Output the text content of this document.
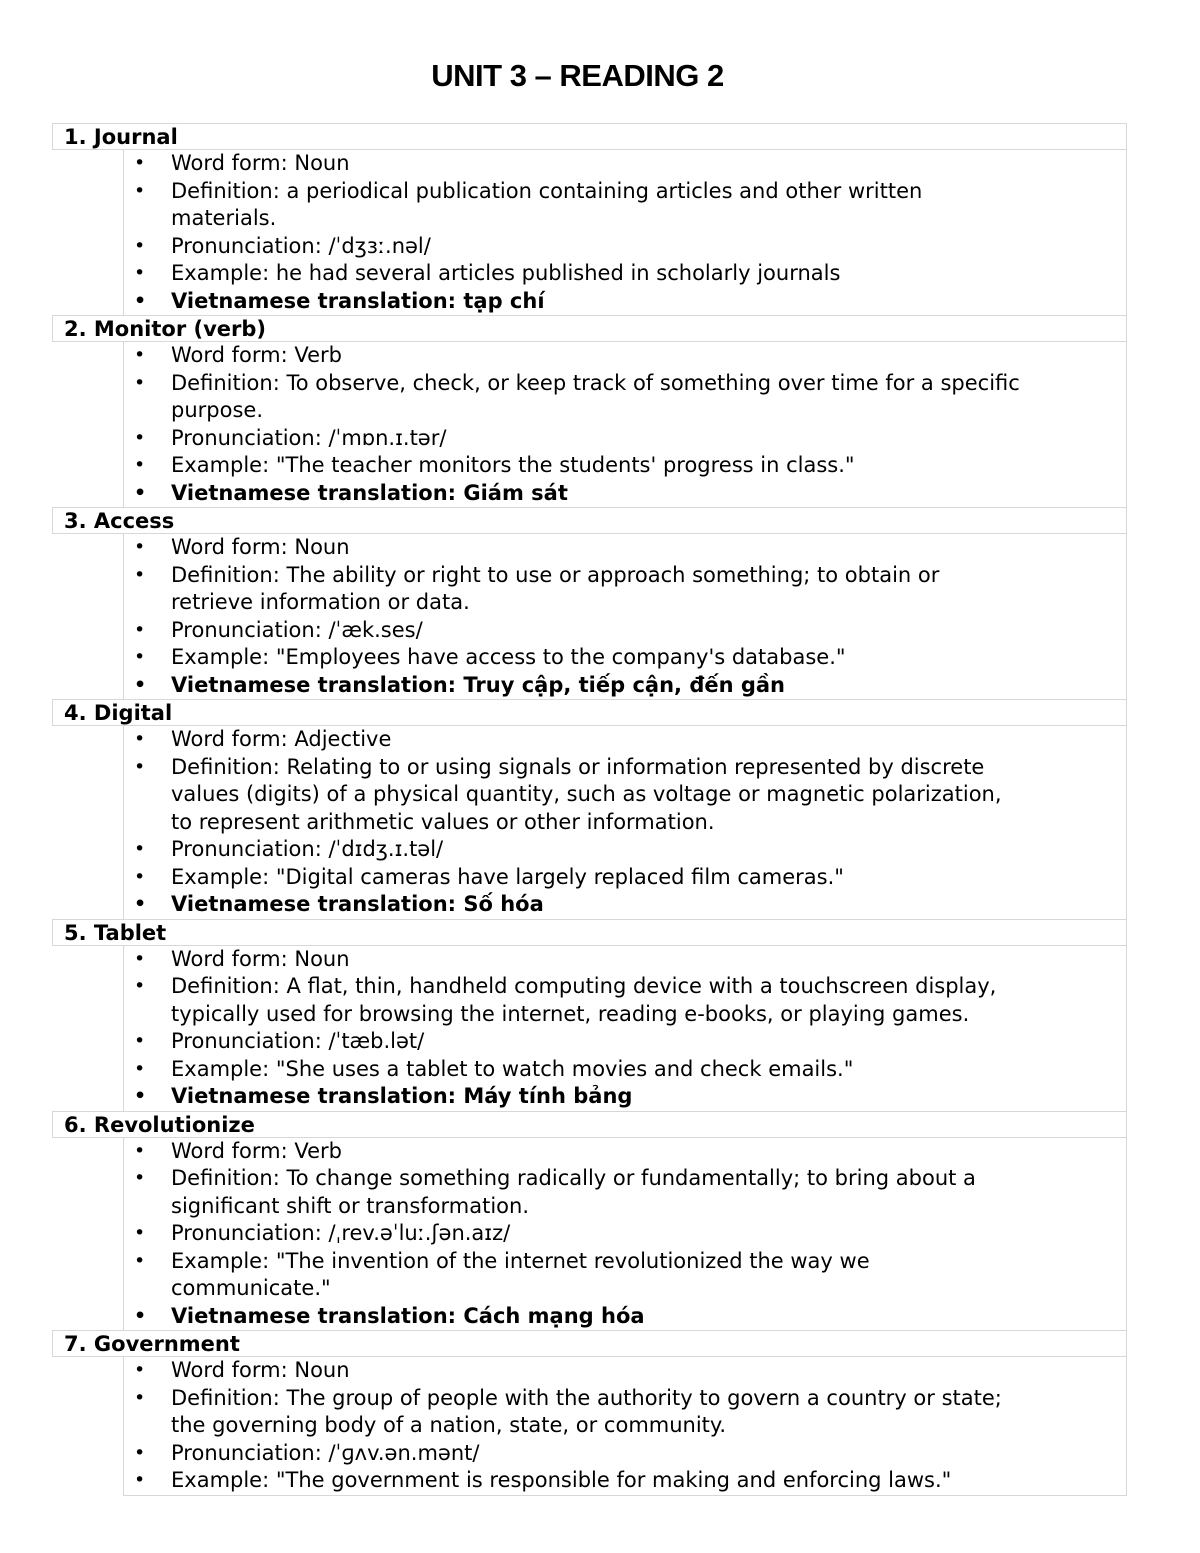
UNIT 3 – READING 2
1. Journal
• Word form: Noun
• Definition: a periodical publication containing articles and other written
materials.
• Pronunciation: /ˈdʒɜː.nəl/
• Example: he had several articles published in scholarly journals
• Vietnamese translation: tạp chí
2. Monitor (verb)
• Word form: Verb
• Definition: To observe, check, or keep track of something over time for a specific
purpose.
• Pronunciation: /ˈmɒn.ɪ.tər/
• Example: "The teacher monitors the students' progress in class."
• Vietnamese translation: Giám sát
3. Access
• Word form: Noun
• Definition: The ability or right to use or approach something; to obtain or
retrieve information or data.
• Pronunciation: /ˈæk.ses/
• Example: "Employees have access to the company's database."
• Vietnamese translation: Truy cập, tiếp cận, đến gần
4. Digital
• Word form: Adjective
• Definition: Relating to or using signals or information represented by discrete
values (digits) of a physical quantity, such as voltage or magnetic polarization,
to represent arithmetic values or other information.
• Pronunciation: /ˈdɪdʒ.ɪ.təl/
• Example: "Digital cameras have largely replaced film cameras."
• Vietnamese translation: Số hóa
5. Tablet
• Word form: Noun
• Definition: A flat, thin, handheld computing device with a touchscreen display,
typically used for browsing the internet, reading e-books, or playing games.
• Pronunciation: /ˈtæb.lət/
• Example: "She uses a tablet to watch movies and check emails."
• Vietnamese translation: Máy tính bảng
6. Revolutionize
• Word form: Verb
• Definition: To change something radically or fundamentally; to bring about a
significant shift or transformation.
• Pronunciation: /ˌrev.əˈluː.ʃən.aɪz/
• Example: "The invention of the internet revolutionized the way we
communicate."
• Vietnamese translation: Cách mạng hóa
7. Government
• Word form: Noun
• Definition: The group of people with the authority to govern a country or state;
the governing body of a nation, state, or community.
• Pronunciation: /ˈɡʌv.ən.mənt/
• Example: "The government is responsible for making and enforcing laws."
